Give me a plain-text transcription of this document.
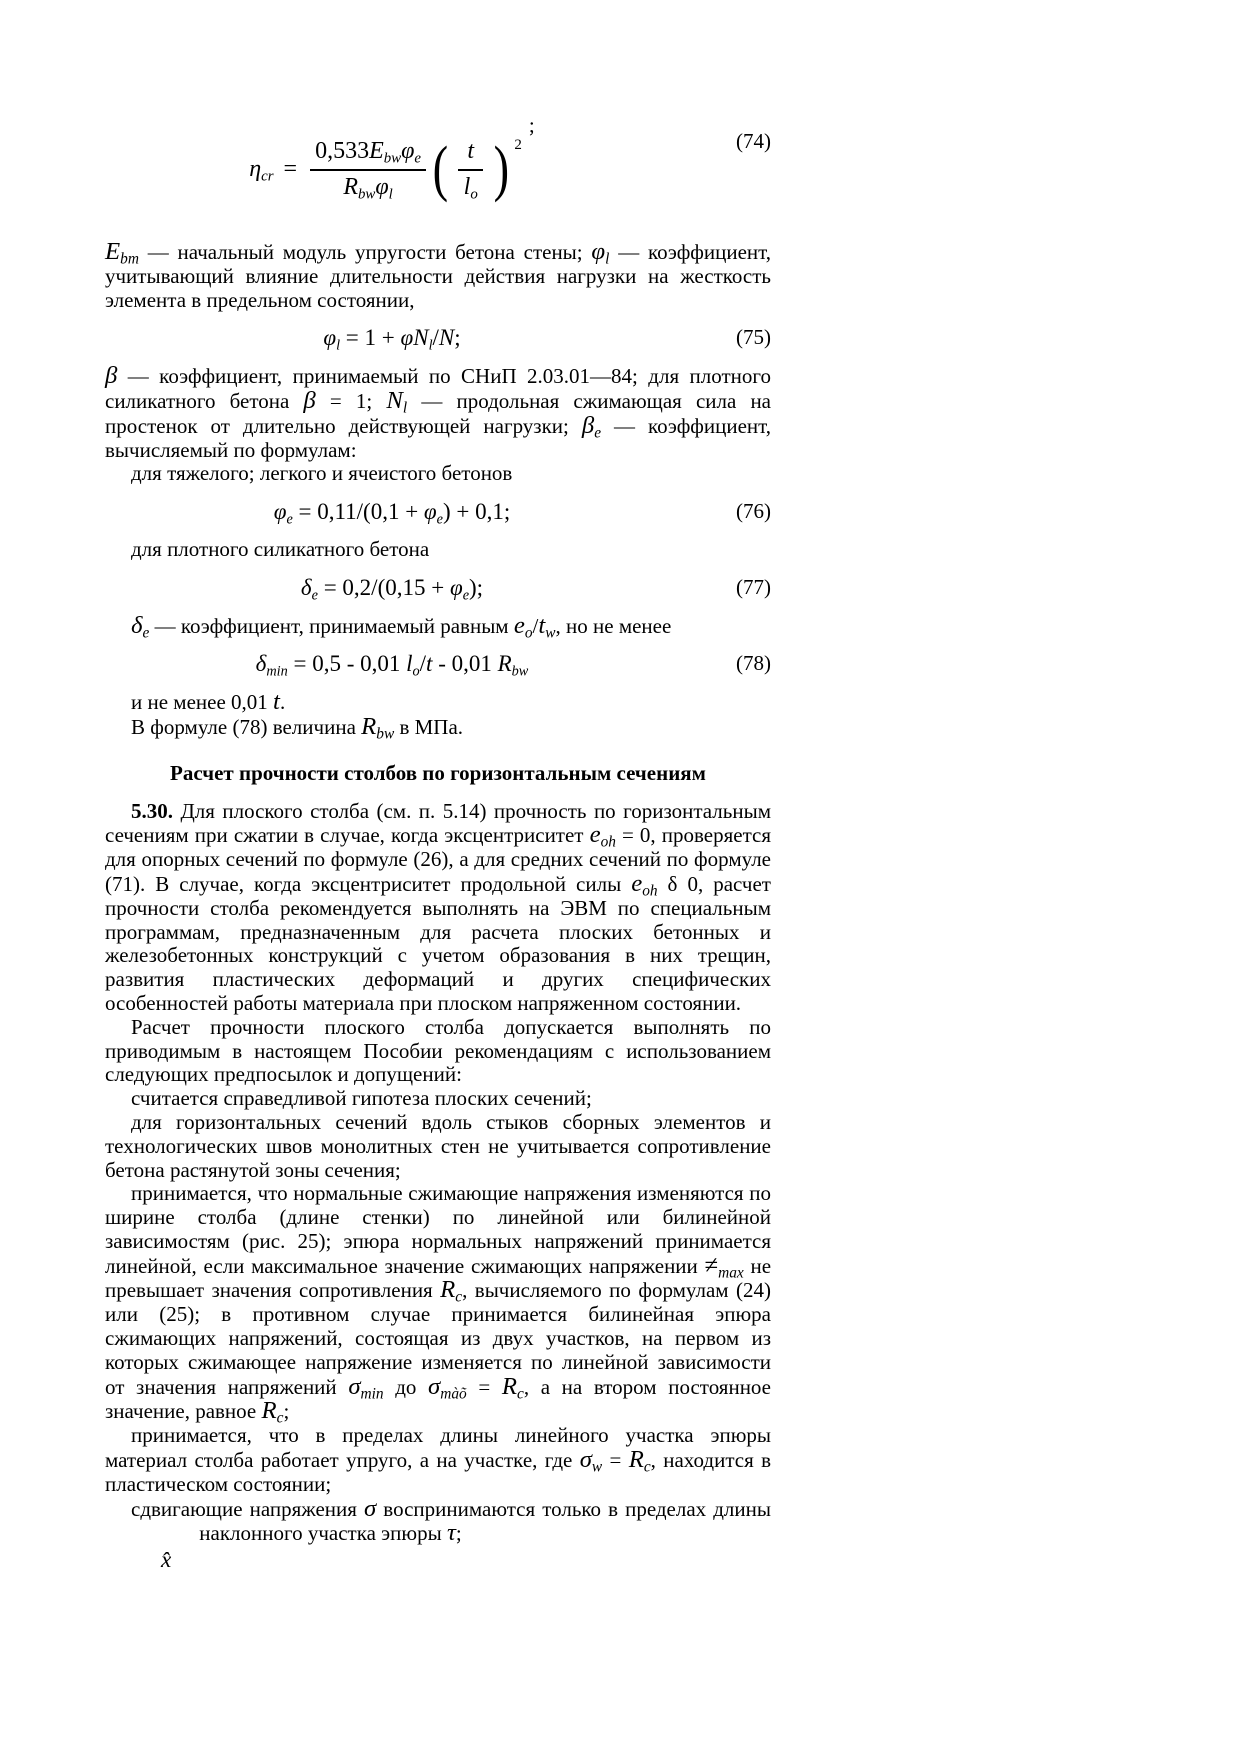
$\eta_{cr} = \frac{0,533E_{bw}\varphi_e}{R_{bw}\varphi_l}$ ( $\frac{t}{l_o}$ ) 2
;
(74)

$E_{bm}$ — начальный модуль упругости бетона стены; $\varphi_l$ — коэффициент, учитывающий влияние длительности действия нагрузки на жесткость элемента в предельном состоянии,

$\varphi_l = 1 + \varphi N_l/N$;	(75)

β — коэффициент, принимаемый по СНиП 2.03.01—84; для плотного силикатного бетона β = 1; $N_l$ — продольная сжимающая сила на простенок от длительно действующей нагрузки; $\beta_e$ — коэффициент, вычисляемый по формулам:

для тяжелого; легкого и ячеистого бетонов

$\varphi_e = 0,11/(0,1 + \varphi_e) + 0,1$;	(76)

для плотного силикатного бетона

$\delta_e = 0,2/(0,15 + \varphi_e)$;	(77)

$\delta_e$ — коэффициент, принимаемый равным $e_o/t_w$, но не менее

$\delta_{min} = 0,5 - 0,01$ $l_o/t - 0,01$ $R_{bw}$	(78)

и не менее 0,01 t.

В формуле (78) величина $R_{bw}$ в МПа.

Расчет прочности столбов по горизонтальным сечениям

5.30. Для плоского столба (см. п. 5.14) прочность по горизонтальным сечениям при сжатии в случае, когда эксцентриситет $e_{oh} = 0$, проверяется для опорных сечений по формуле (26), а для средних сечений по формуле (71). В случае, когда эксцентриситет продольной силы $e_{oh}$ δ 0, расчет прочности столба рекомендуется выполнять на ЭВМ по специальным программам, предназначенным для расчета плоских бетонных и железобетонных конструкций с учетом образования в них трещин, развития пластических деформаций и других специфических особенностей работы материала при плоском напряженном состоянии.

Расчет прочности плоского столба допускается выполнять по приводимым в настоящем Пособии рекомендациям с использованием следующих предпосылок и допущений:

считается справедливой гипотеза плоских сечений;

для горизонтальных сечений вдоль стыков сборных элементов и технологических швов монолитных стен не учитывается сопротивление бетона растянутой зоны сечения;

принимается, что нормальные сжимающие напряжения изменяются по ширине столба (длине стенки) по линейной или билинейной зависимостям (рис. 25); эпюра нормальных напряжений принимается линейной, если максимальное значение сжимающих напряжении $\ne_{max}$ не превышает значения сопротивления $R_c$, вычисляемого по формулам (24) или (25); в противном случае принимается билинейная эпюра сжимающих напряжений, состоящая из двух участков, на первом из которых сжимающее напряжение изменяется по линейной зависимости от значения напряжений $\sigma_{min}$ до $\sigma_{màõ} = R_c$, а на втором постоянное значение, равное $R_c$;

принимается, что в пределах длины линейного участка эпюры материал столба работает упруго, а на участке, где $\sigma_w = R_c$, находится в пластическом состоянии;

сдвигающие напряжения σ воспринимаются только в пределах длиныx̂наклонного участка эпюры τ;
